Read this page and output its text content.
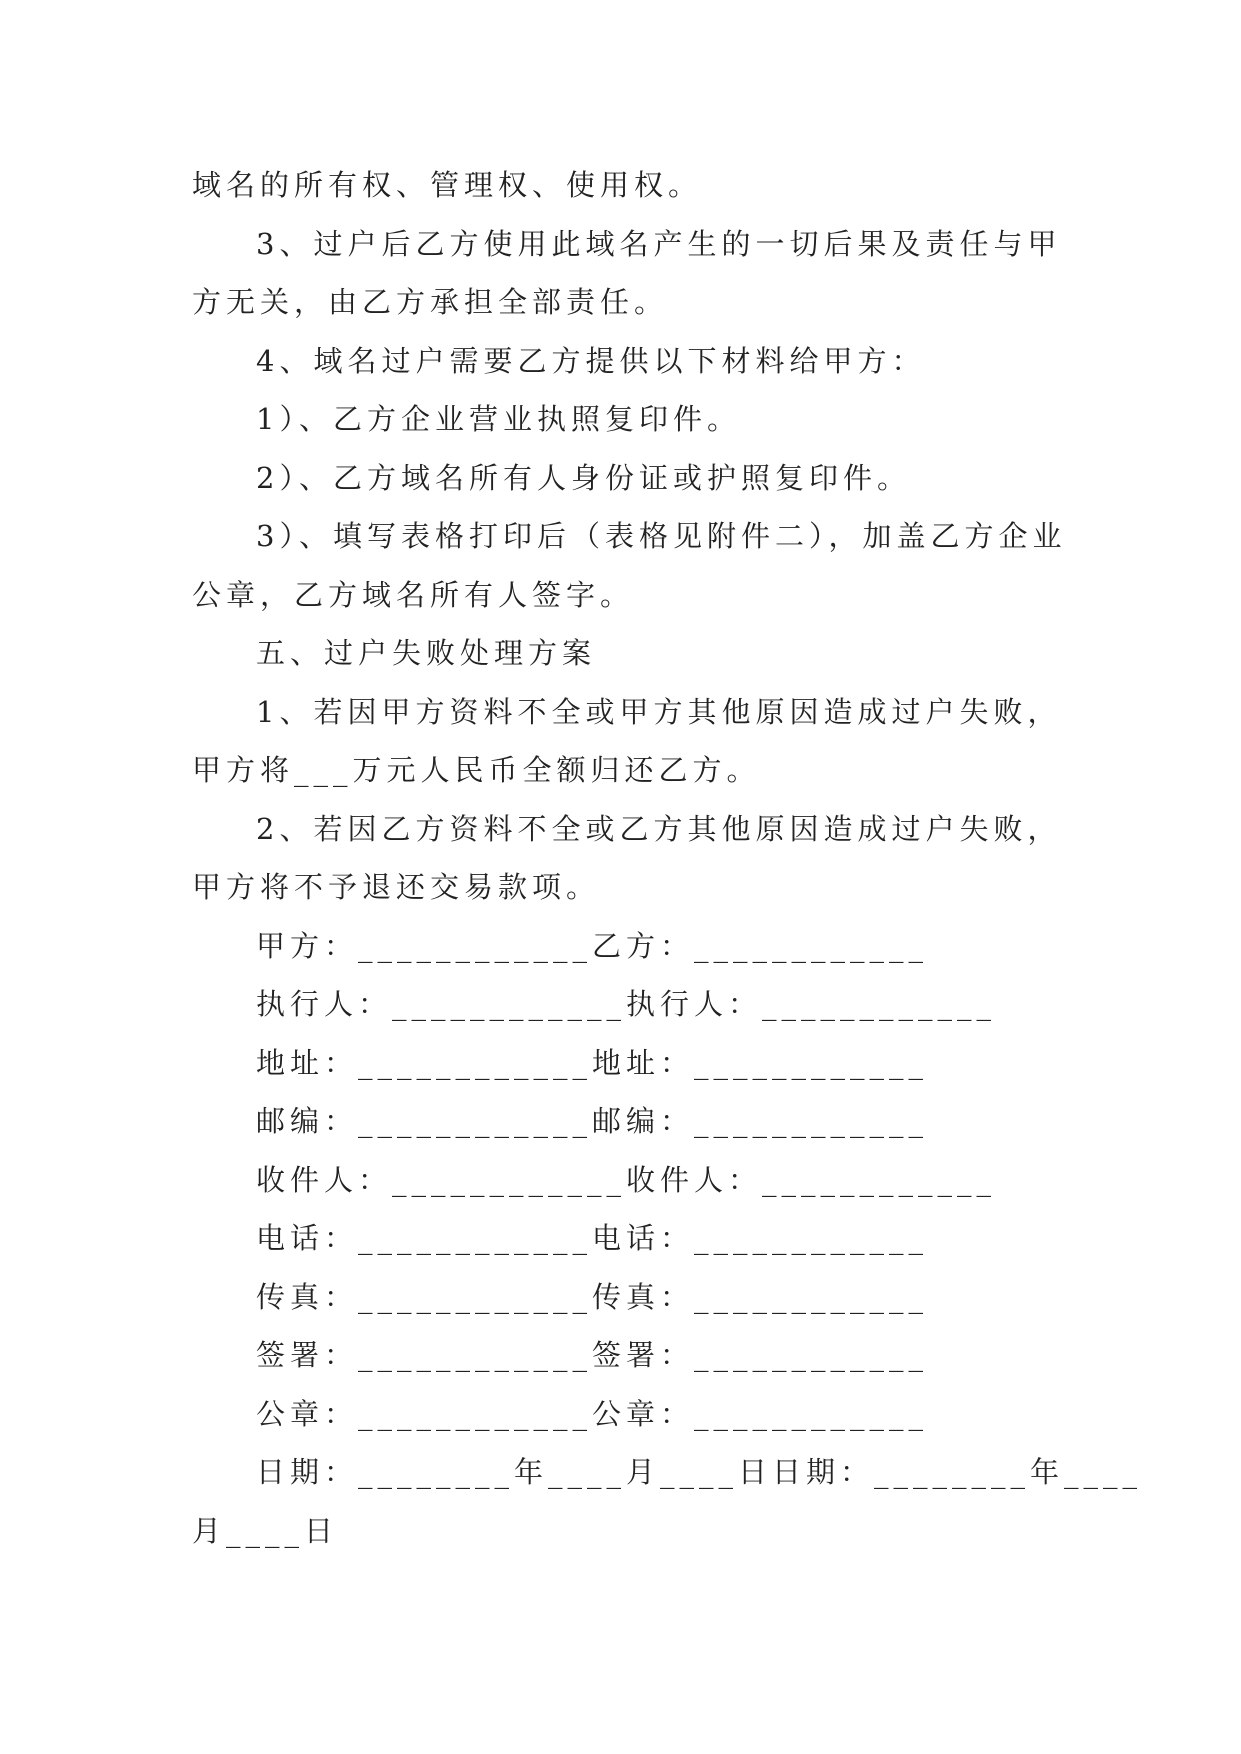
域名的所有权、管理权、使用权。
3、过户后乙方使用此域名产生的一切后果及责任与甲
方无关，由乙方承担全部责任。
4、域名过户需要乙方提供以下材料给甲方：
1）、乙方企业营业执照复印件。
2）、乙方域名所有人身份证或护照复印件。
3）、填写表格打印后（表格见附件二），加盖乙方企业
公章，乙方域名所有人签字。
五、过户失败处理方案
1、若因甲方资料不全或甲方其他原因造成过户失败，
甲方将___万元人民币全额归还乙方。
2、若因乙方资料不全或乙方其他原因造成过户失败，
甲方将不予退还交易款项。
甲方：____________乙方：____________
执行人：____________执行人：____________
地址：____________地址：____________
邮编：____________邮编：____________
收件人：____________收件人：____________
电话：____________电话：____________
传真：____________传真：____________
签署：____________签署：____________
公章：____________公章：____________
日期：________年____月____日日期：________年____
月____日
